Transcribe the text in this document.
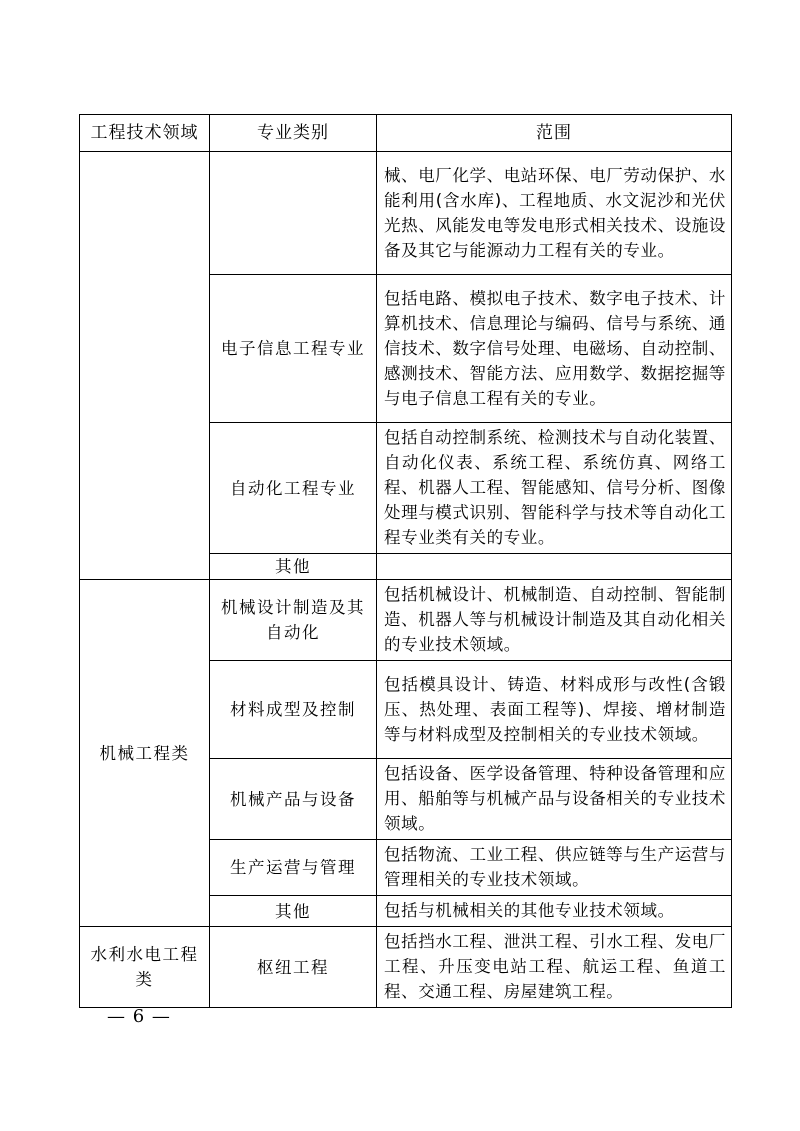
工程技术领域	专业类别	范围
		械、电厂化学、电站环保、电厂劳动保护、水能利用(含水库)、工程地质、水文泥沙和光伏光热、风能发电等发电形式相关技术、设施设备及其它与能源动力工程有关的专业。
	电子信息工程专业	包括电路、模拟电子技术、数字电子技术、计算机技术、信息理论与编码、信号与系统、通信技术、数字信号处理、电磁场、自动控制、感测技术、智能方法、应用数学、数据挖掘等与电子信息工程有关的专业。
	自动化工程专业	包括自动控制系统、检测技术与自动化装置、自动化仪表、系统工程、系统仿真、网络工程、机器人工程、智能感知、信号分析、图像处理与模式识别、智能科学与技术等自动化工程专业类有关的专业。
	其他	
机械工程类	机械设计制造及其自动化	包括机械设计、机械制造、自动控制、智能制造、机器人等与机械设计制造及其自动化相关的专业技术领域。
	材料成型及控制	包括模具设计、铸造、材料成形与改性(含锻压、热处理、表面工程等)、焊接、增材制造等与材料成型及控制相关的专业技术领域。
	机械产品与设备	包括设备、医学设备管理、特种设备管理和应用、船舶等与机械产品与设备相关的专业技术领域。
	生产运营与管理	包括物流、工业工程、供应链等与生产运营与管理相关的专业技术领域。
	其他	包括与机械相关的其他专业技术领域。
水利水电工程类	枢纽工程	包括挡水工程、泄洪工程、引水工程、发电厂工程、升压变电站工程、航运工程、鱼道工程、交通工程、房屋建筑工程。
— 6 —
